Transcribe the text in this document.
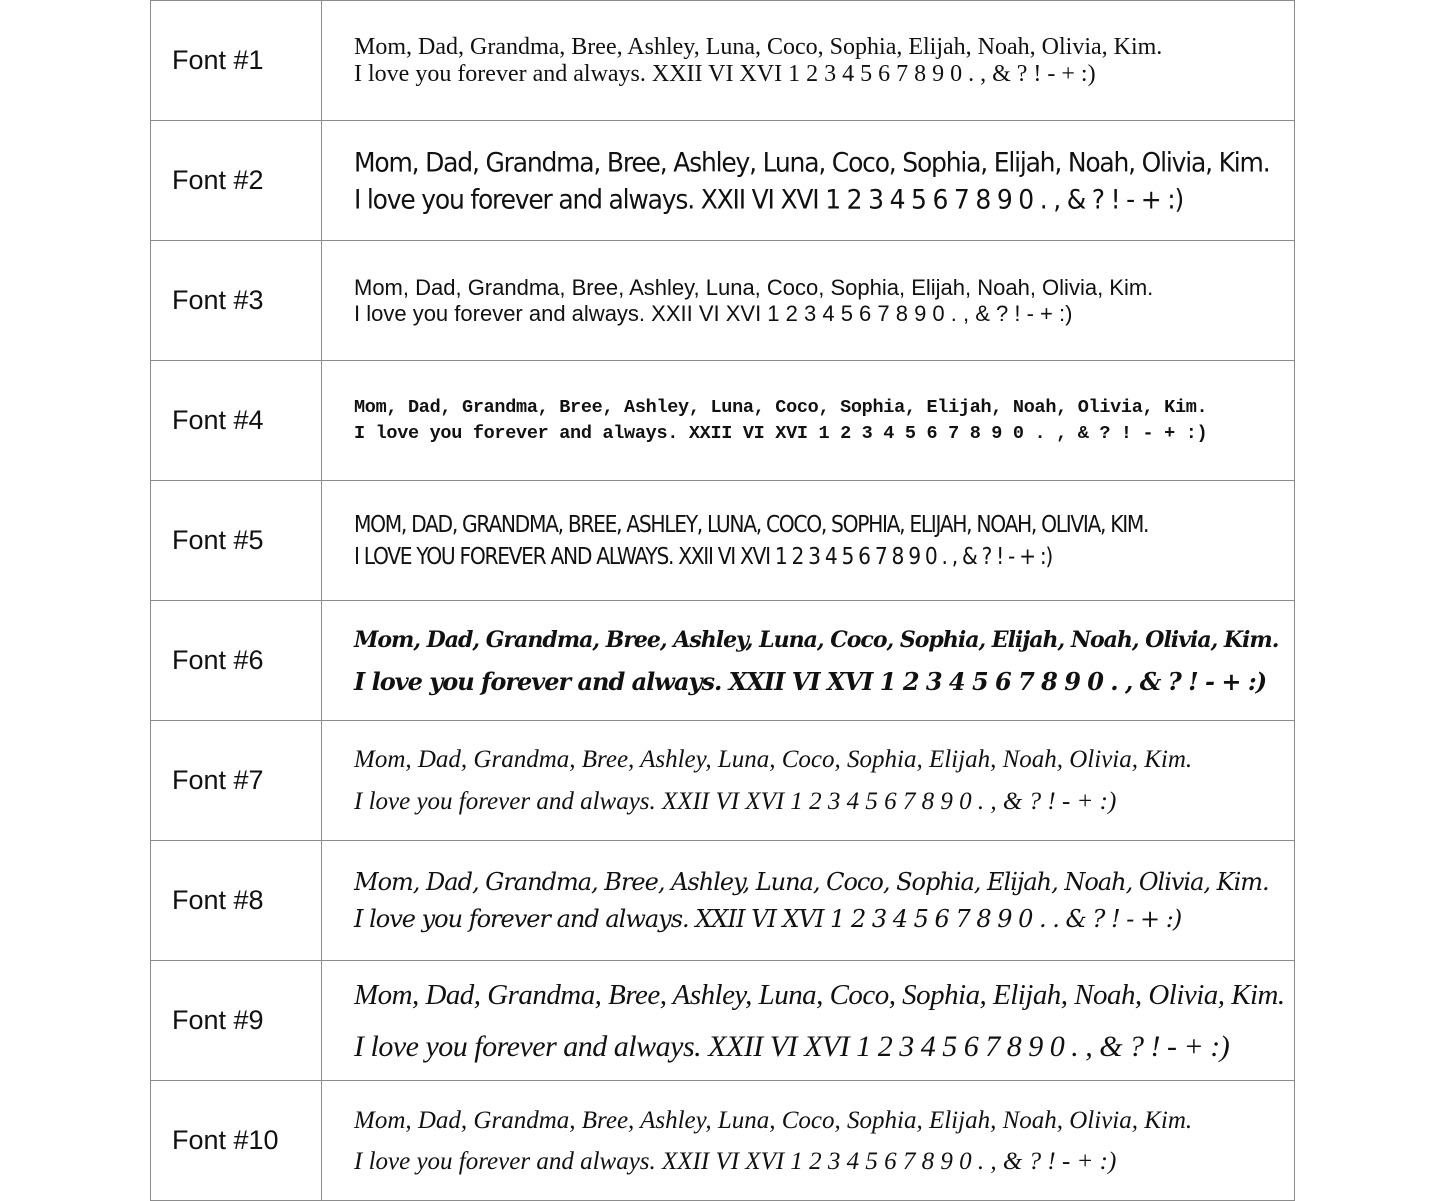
Font #1	Mom, Dad, Grandma, Bree, Ashley, Luna, Coco, Sophia, Elijah, Noah, Olivia, Kim.
I love you forever and always. XXII VI XVI 1 2 3 4 5 6 7 8 9 0 . , & ? ! - + :)

Font #2	Mom, Dad, Grandma, Bree, Ashley, Luna, Coco, Sophia, Elijah, Noah, Olivia, Kim.
I love you forever and always. XXII VI XVI 1 2 3 4 5 6 7 8 9 0 . , & ? ! - + :)

Font #3	Mom, Dad, Grandma, Bree, Ashley, Luna, Coco, Sophia, Elijah, Noah, Olivia, Kim.
I love you forever and always. XXII VI XVI 1 2 3 4 5 6 7 8 9 0 . , & ? ! - + :)

Font #4	Mom, Dad, Grandma, Bree, Ashley, Luna, Coco, Sophia, Elijah, Noah, Olivia, Kim.
I love you forever and always. XXII VI XVI 1 2 3 4 5 6 7 8 9 0 . , & ? ! - + :)

Font #5	MOM, DAD, GRANDMA, BREE, ASHLEY, LUNA, COCO, SOPHIA, ELIJAH, NOAH, OLIVIA, KIM.
I LOVE YOU FOREVER AND ALWAYS. XXII VI XVI 1 2 3 4 5 6 7 8 9 0 . , & ? ! - + :)

Font #6	Mom, Dad, Grandma, Bree, Ashley, Luna, Coco, Sophia, Elijah, Noah, Olivia, Kim.
I love you forever and always. XXII VI XVI 1 2 3 4 5 6 7 8 9 0 . , & ? ! - + :)

Font #7	Mom, Dad, Grandma, Bree, Ashley, Luna, Coco, Sophia, Elijah, Noah, Olivia, Kim.
I love you forever and always. XXII VI XVI 1 2 3 4 5 6 7 8 9 0 . , & ? ! - + :)

Font #8	Mom, Dad, Grandma, Bree, Ashley, Luna, Coco, Sophia, Elijah, Noah, Olivia, Kim.
I love you forever and always. XXII VI XVI 1 2 3 4 5 6 7 8 9 0 . . & ? ! - + :)

Font #9	Mom, Dad, Grandma, Bree, Ashley, Luna, Coco, Sophia, Elijah, Noah, Olivia, Kim.
I love you forever and always. XXII VI XVI 1 2 3 4 5 6 7 8 9 0 . , & ? ! - + :)

Font #10	Mom, Dad, Grandma, Bree, Ashley, Luna, Coco, Sophia, Elijah, Noah, Olivia, Kim.
I love you forever and always. XXII VI XVI 1 2 3 4 5 6 7 8 9 0 . , & ? ! - + :)
